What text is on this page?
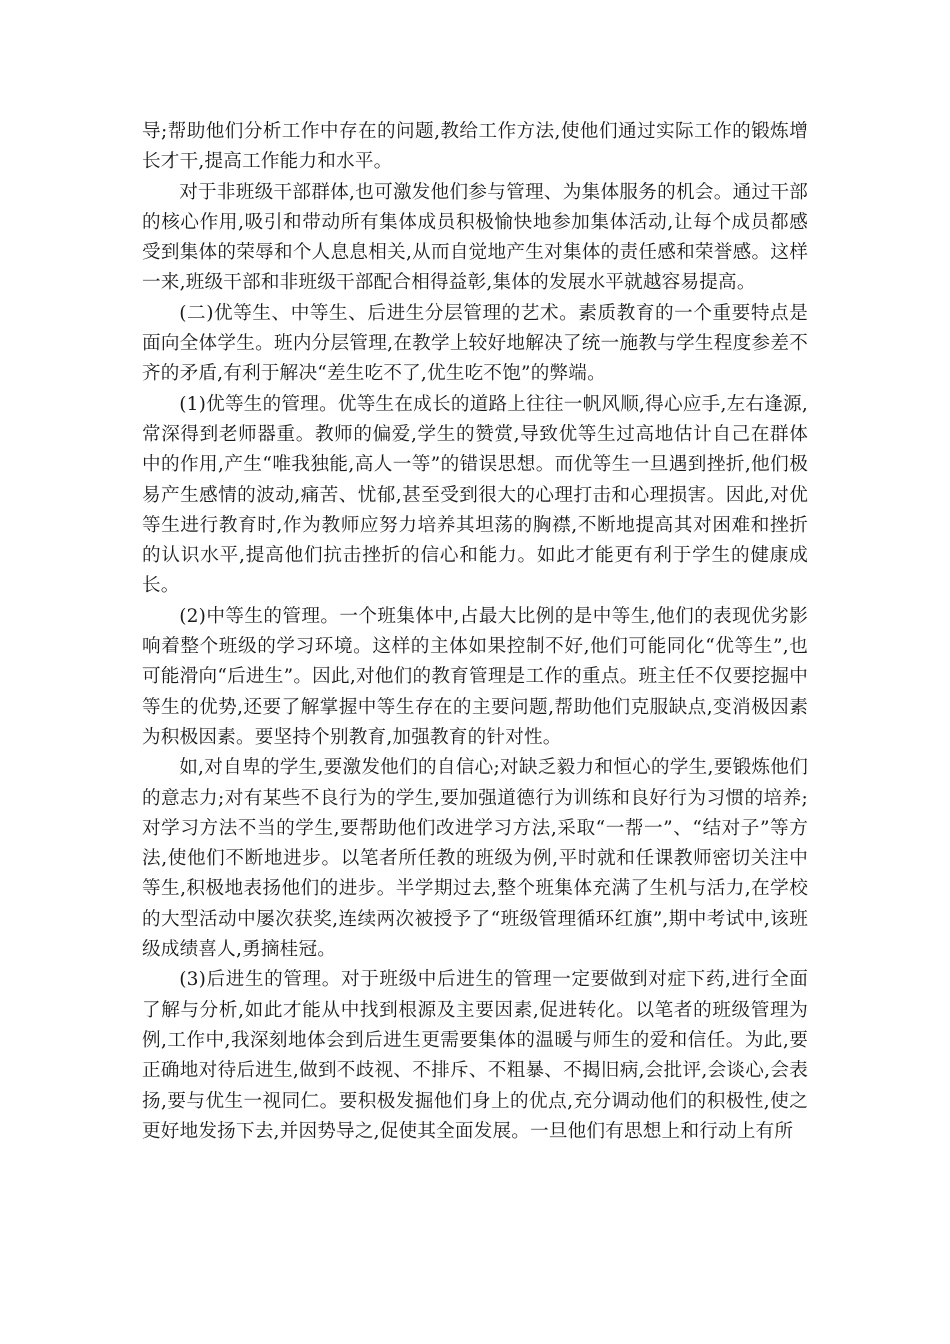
导;帮助他们分析工作中存在的问题,教给工作方法,使他们通过实际工作的锻炼增长才干,提高工作能力和水平。

对于非班级干部群体,也可激发他们参与管理、为集体服务的机会。通过干部的核心作用,吸引和带动所有集体成员积极愉快地参加集体活动,让每个成员都感受到集体的荣辱和个人息息相关,从而自觉地产生对集体的责任感和荣誉感。这样一来,班级干部和非班级干部配合相得益彰,集体的发展水平就越容易提高。

(二)优等生、中等生、后进生分层管理的艺术。素质教育的一个重要特点是面向全体学生。班内分层管理,在教学上较好地解决了统一施教与学生程度参差不齐的矛盾,有利于解决“差生吃不了,优生吃不饱”的弊端。

(1)优等生的管理。优等生在成长的道路上往往一帆风顺,得心应手,左右逢源,常深得到老师器重。教师的偏爱,学生的赞赏,导致优等生过高地估计自己在群体中的作用,产生“唯我独能,高人一等”的错误思想。而优等生一旦遇到挫折,他们极易产生感情的波动,痛苦、忧郁,甚至受到很大的心理打击和心理损害。因此,对优等生进行教育时,作为教师应努力培养其坦荡的胸襟,不断地提高其对困难和挫折的认识水平,提高他们抗击挫折的信心和能力。如此才能更有利于学生的健康成长。

(2)中等生的管理。一个班集体中,占最大比例的是中等生,他们的表现优劣影响着整个班级的学习环境。这样的主体如果控制不好,他们可能同化“优等生”,也可能滑向“后进生”。因此,对他们的教育管理是工作的重点。班主任不仅要挖掘中等生的优势,还要了解掌握中等生存在的主要问题,帮助他们克服缺点,变消极因素为积极因素。要坚持个别教育,加强教育的针对性。

如,对自卑的学生,要激发他们的自信心;对缺乏毅力和恒心的学生,要锻炼他们的意志力;对有某些不良行为的学生,要加强道德行为训练和良好行为习惯的培养;对学习方法不当的学生,要帮助他们改进学习方法,采取“一帮一”、“结对子”等方法,使他们不断地进步。以笔者所任教的班级为例,平时就和任课教师密切关注中等生,积极地表扬他们的进步。半学期过去,整个班集体充满了生机与活力,在学校的大型活动中屡次获奖,连续两次被授予了“班级管理循环红旗”,期中考试中,该班级成绩喜人,勇摘桂冠。

(3)后进生的管理。对于班级中后进生的管理一定要做到对症下药,进行全面了解与分析,如此才能从中找到根源及主要因素,促进转化。以笔者的班级管理为例,工作中,我深刻地体会到后进生更需要集体的温暖与师生的爱和信任。为此,要正确地对待后进生,做到不歧视、不排斥、不粗暴、不揭旧病,会批评,会谈心,会表扬,要与优生一视同仁。要积极发掘他们身上的优点,充分调动他们的积极性,使之更好地发扬下去,并因势导之,促使其全面发展。一旦他们有思想上和行动上有所
